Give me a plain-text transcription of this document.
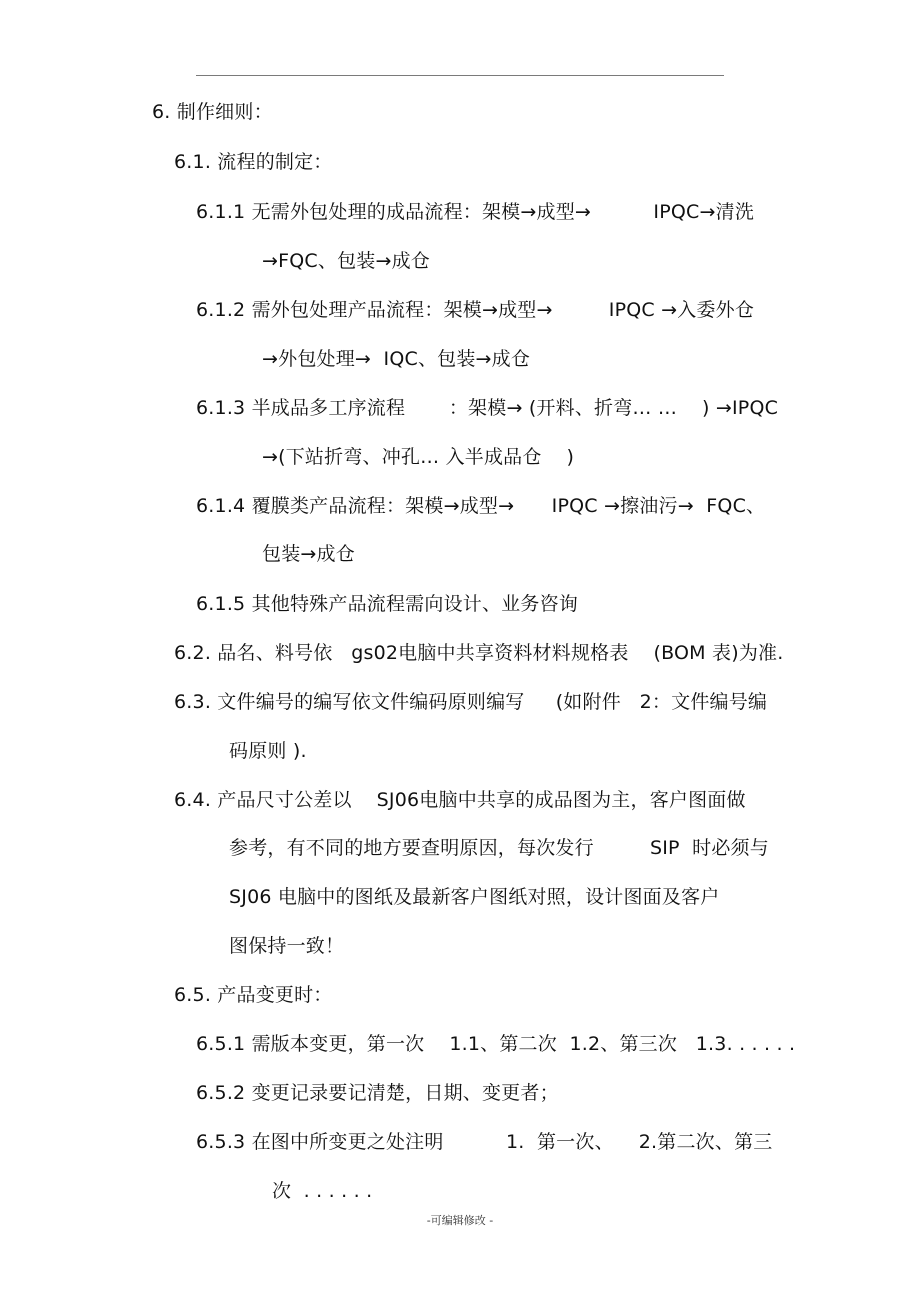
6. 制作细则：
6.1. 流程的制定：
6.1.1 无需外包处理的成品流程：架模→成型→          IPQC→清洗
→FQC、包装→成仓
6.1.2 需外包处理产品流程：架模→成型→         IPQC →入委外仓
→外包处理→  IQC、包装→成仓
6.1.3 半成品多工序流程       ：架模→ (开料、折弯… …    ) →IPQC
→(下站折弯、冲孔… 入半成品仓    )
6.1.4 覆膜类产品流程：架模→成型→      IPQC →擦油污→  FQC、
包装→成仓
6.1.5 其他特殊产品流程需向设计、业务咨询
6.2. 品名、料号依   gs02电脑中共享资料材料规格表    (BOM 表)为准.
6.3. 文件编号的编写依文件编码原则编写     (如附件   2：文件编号编
码原则 ).
6.4. 产品尺寸公差以    SJ06电脑中共享的成品图为主，客户图面做
参考，有不同的地方要查明原因，每次发行         SIP  时必须与
SJ06 电脑中的图纸及最新客户图纸对照，设计图面及客户
图保持一致！
6.5. 产品变更时：
6.5.1 需版本变更，第一次    1.1、第二次  1.2、第三次   1.3. . . . . .
6.5.2 变更记录要记清楚，日期、变更者；
6.5.3 在图中所变更之处注明          1.  第一次、    2.第二次、第三
次  . . . . . .
-可编辑修改 -
